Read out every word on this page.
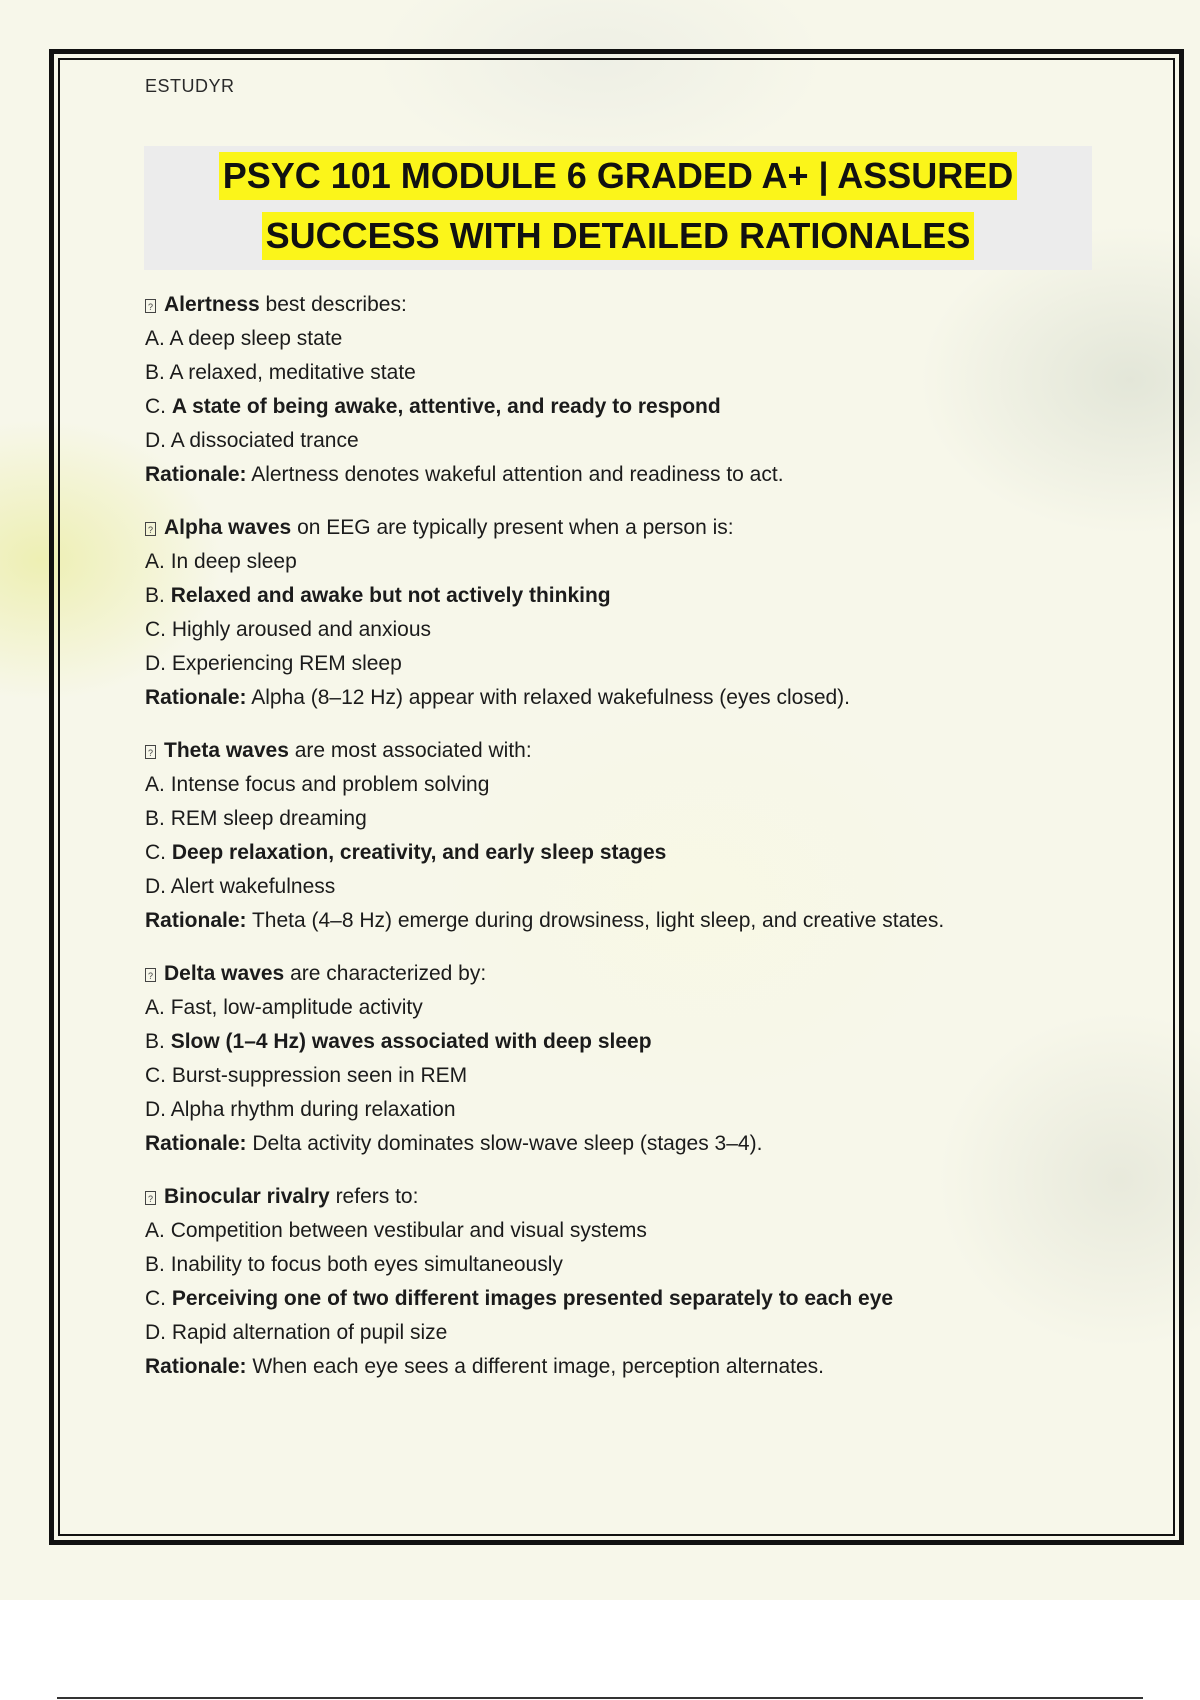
ESTUDYR
PSYC 101 MODULE 6 GRADED A+ | ASSURED
SUCCESS WITH DETAILED RATIONALES
? Alertness best describes:
A. A deep sleep state
B. A relaxed, meditative state
C. A state of being awake, attentive, and ready to respond
D. A dissociated trance
Rationale: Alertness denotes wakeful attention and readiness to act.
? Alpha waves on EEG are typically present when a person is:
A. In deep sleep
B. Relaxed and awake but not actively thinking
C. Highly aroused and anxious
D. Experiencing REM sleep
Rationale: Alpha (8–12 Hz) appear with relaxed wakefulness (eyes closed).
? Theta waves are most associated with:
A. Intense focus and problem solving
B. REM sleep dreaming
C. Deep relaxation, creativity, and early sleep stages
D. Alert wakefulness
Rationale: Theta (4–8 Hz) emerge during drowsiness, light sleep, and creative states.
? Delta waves are characterized by:
A. Fast, low-amplitude activity
B. Slow (1–4 Hz) waves associated with deep sleep
C. Burst-suppression seen in REM
D. Alpha rhythm during relaxation
Rationale: Delta activity dominates slow-wave sleep (stages 3–4).
? Binocular rivalry refers to:
A. Competition between vestibular and visual systems
B. Inability to focus both eyes simultaneously
C. Perceiving one of two different images presented separately to each eye
D. Rapid alternation of pupil size
Rationale: When each eye sees a different image, perception alternates.
